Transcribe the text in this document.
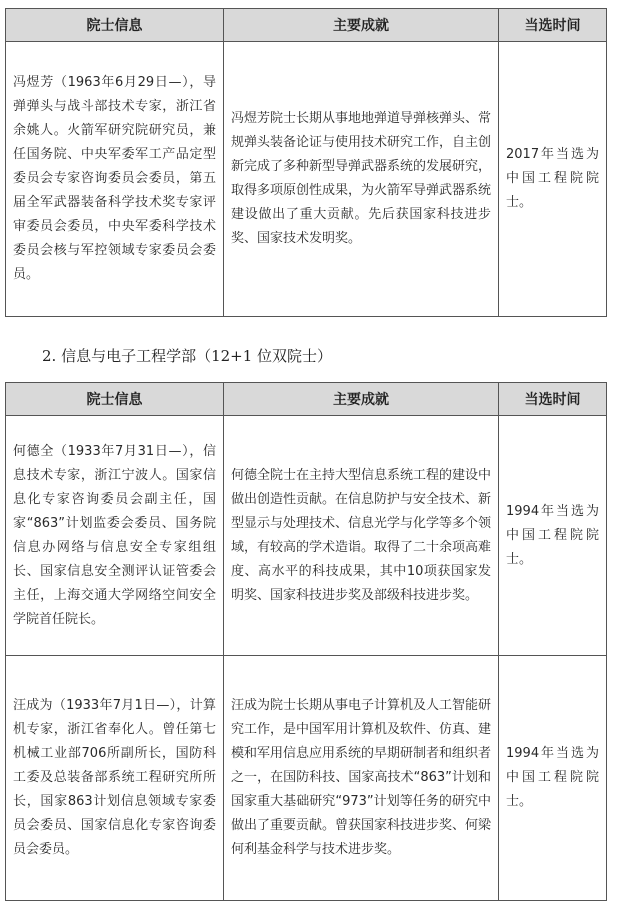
院士信息	主要成就	当选时间
冯煜芳（1963年6月29日—），导弹弹头与战斗部技术专家，浙江省余姚人。火箭军研究院研究员，兼任国务院、中央军委军工产品定型委员会专家咨询委员会委员，第五届全军武器装备科学技术奖专家评审委员会委员，中央军委科学技术委员会核与军控领域专家委员会委员。	冯煜芳院士长期从事地地弹道导弹核弹头、常规弹头装备论证与使用技术研究工作，自主创新完成了多种新型导弹武器系统的发展研究，取得多项原创性成果，为火箭军导弹武器系统建设做出了重大贡献。先后获国家科技进步奖、国家技术发明奖。	2017年当选为中国工程院院士。
2. 信息与电子工程学部（12+1 位双院士）
院士信息	主要成就	当选时间
何德全（1933年7月31日—），信息技术专家，浙江宁波人。国家信息化专家咨询委员会副主任，国家“863”计划监委会委员、国务院信息办网络与信息安全专家组组长、国家信息安全测评认证管委会主任，上海交通大学网络空间安全学院首任院长。	何德全院士在主持大型信息系统工程的建设中做出创造性贡献。在信息防护与安全技术、新型显示与处理技术、信息光学与化学等多个领域，有较高的学术造诣。取得了二十余项高难度、高水平的科技成果，其中10项获国家发明奖、国家科技进步奖及部级科技进步奖。	1994年当选为中国工程院院士。
汪成为（1933年7月1日—），计算机专家，浙江省奉化人。曾任第七机械工业部706所副所长，国防科工委及总装备部系统工程研究所所长，国家863计划信息领域专家委员会委员、国家信息化专家咨询委员会委员。	汪成为院士长期从事电子计算机及人工智能研究工作，是中国军用计算机及软件、仿真、建模和军用信息应用系统的早期研制者和组织者之一，在国防科技、国家高技术“863”计划和国家重大基础研究“973”计划等任务的研究中做出了重要贡献。曾获国家科技进步奖、何梁何利基金科学与技术进步奖。	1994年当选为中国工程院院士。
